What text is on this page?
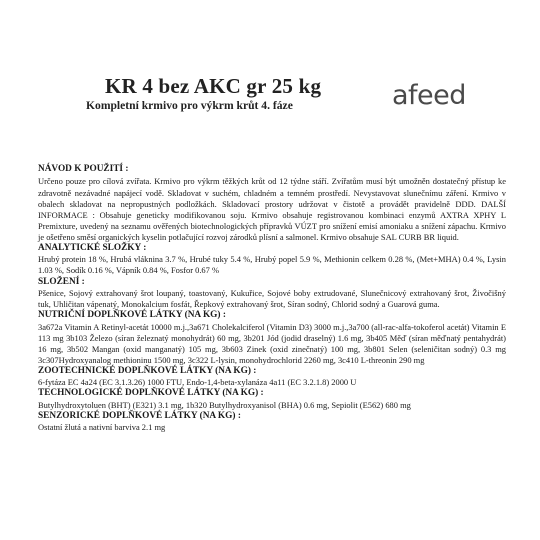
KR 4 bez AKC gr 25 kg
Kompletní krmivo pro výkrm krůt 4. fáze	afeed
NÁVOD K POUŽITÍ :

Určeno pouze pro cílová zvířata. Krmivo pro výkrm těžkých krůt od 12 týdne stáří. Zvířatům musí být umožněn dostatečný přístup ke zdravotně nezávadné napájecí vodě. Skladovat v suchém, chladném a temném prostředí. Nevystavovat slunečnímu záření. Krmivo v obalech skladovat na nepropustných podložkách. Skladovací prostory udržovat v čistotě a provádět pravidelně DDD. DALŠÍ INFORMACE : Obsahuje geneticky modifikovanou soju. Krmivo obsahuje registrovanou kombinaci enzymů AXTRA XPHY L Premixture, uvedený na seznamu ověřených biotechnologických přípravků VÚZT pro snížení emisí amoniaku a snížení zápachu. Krmivo je ošetřeno směsí organických kyselin potlačující rozvoj zárodků plísní a salmonel. Krmivo obsahuje SAL CURB BR liquid.

ANALYTICKÉ SLOŽKY :

Hrubý protein 18 %, Hrubá vláknina 3.7 %, Hrubé tuky 5.4 %, Hrubý popel 5.9 %, Methionin celkem 0.28 %, (Met+MHA) 0.4 %, Lysin 1.03 %, Sodík 0.16 %, Vápník 0.84 %, Fosfor 0.67 %

SLOŽENÍ :

Pšenice, Sojový extrahovaný šrot loupaný, toastovaný, Kukuřice, Sojové boby extrudované, Slunečnicový extrahovaný šrot, Živočišný tuk, Uhličitan vápenatý, Monokalcium fosfát, Řepkový extrahovaný šrot, Síran sodný, Chlorid sodný a Guarová guma.

NUTRIČNÍ DOPLŇKOVÉ LÁTKY (NA KG) :

3a672a Vitamin A Retinyl-acetát 10000 m.j.,3a671 Cholekalciferol (Vitamin D3) 3000 m.j.,3a700 (all-rac-alfa-tokoferol acetát) Vitamin E 113 mg 3b103 Železo (síran železnatý monohydrát) 60 mg, 3b201 Jód (jodid draselný) 1.6 mg, 3b405 Měď (síran měďnatý pentahydrát) 16 mg, 3b502 Mangan (oxid manganatý) 105 mg, 3b603 Zinek (oxid zinečnatý) 100 mg, 3b801 Selen (seleničitan sodný) 0.3 mg 3c307Hydroxyanalog methioninu 1500 mg, 3c322 L-lysin, monohydrochlorid 2260 mg, 3c410 L-threonin 290 mg

ZOOTECHNICKÉ DOPLŇKOVÉ LÁTKY (NA KG) :

6-fytáza EC 4a24 (EC 3.1.3.26) 1000 FTU, Endo-1,4-beta-xylanáza 4a11 (EC 3.2.1.8) 2000 U

TECHNOLOGICKÉ DOPLŇKOVÉ LÁTKY (NA KG) :

Butylhydroxytoluen (BHT) (E321) 3.1 mg, 1b320 Butylhydroxyanisol (BHA) 0.6 mg, Sepiolit (E562) 680 mg

SENZORICKÉ DOPLŇKOVÉ LÁTKY (NA KG) :

Ostatní žlutá a nativní barviva 2.1 mg
